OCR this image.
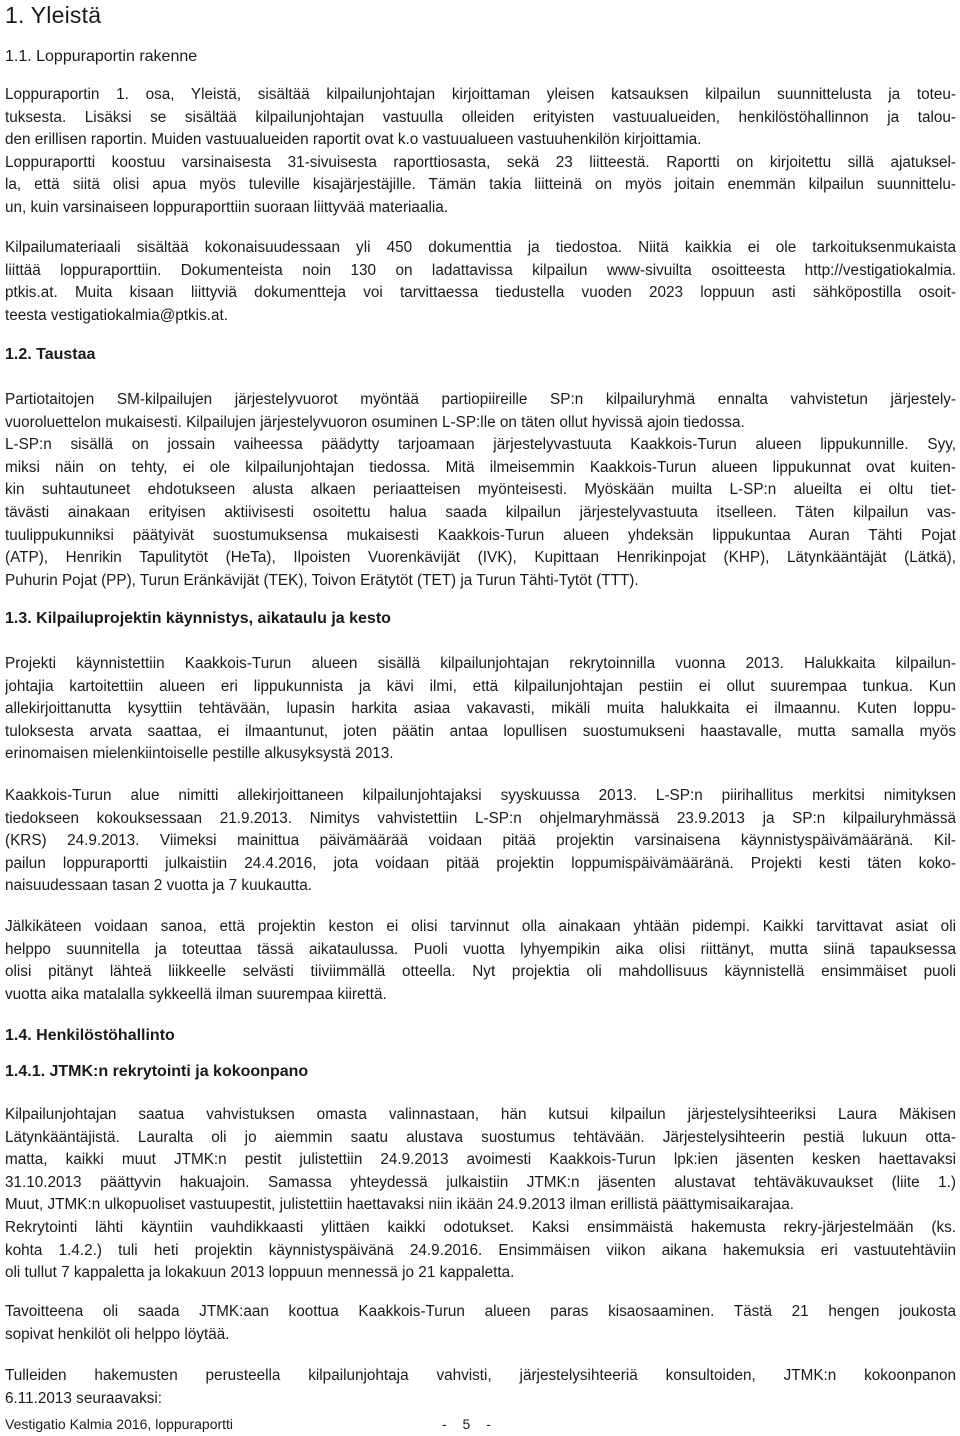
1. Yleistä
1.1. Loppuraportin rakenne
Loppuraportin 1. osa, Yleistä, sisältää kilpailunjohtajan kirjoittaman yleisen katsauksen kilpailun suunnittelusta ja toteu-
tuksesta. Lisäksi se sisältää kilpailunjohtajan vastuulla olleiden erityisten vastuualueiden, henkilöstöhallinnon ja talou-
den erillisen raportin. Muiden vastuualueiden raportit ovat k.o vastuualueen vastuuhenkilön kirjoittamia.
Loppuraportti koostuu varsinaisesta 31-sivuisesta raporttiosasta, sekä 23 liitteestä. Raportti on kirjoitettu sillä ajatuksel-
la, että siitä olisi apua myös tuleville kisajärjestäjille. Tämän takia liitteinä on myös joitain enemmän kilpailun suunnittelu-
un, kuin varsinaiseen loppuraporttiin suoraan liittyvää materiaalia.
Kilpailumateriaali sisältää kokonaisuudessaan yli 450 dokumenttia ja tiedostoa. Niitä kaikkia ei ole tarkoituksenmukaista
liittää loppuraporttiin. Dokumenteista noin 130 on ladattavissa kilpailun www-sivuilta osoitteesta http://vestigatiokalmia.
ptkis.at. Muita kisaan liittyviä dokumentteja voi tarvittaessa tiedustella vuoden 2023 loppuun asti sähköpostilla osoit-
teesta vestigatiokalmia@ptkis.at.
1.2. Taustaa
Partiotaitojen SM-kilpailujen järjestelyvuorot myöntää partiopiireille SP:n kilpailuryhmä ennalta vahvistetun järjestely-
vuoroluettelon mukaisesti. Kilpailujen järjestelyvuoron osuminen L-SP:lle on täten ollut hyvissä ajoin tiedossa.
L-SP:n sisällä on jossain vaiheessa päädytty tarjoamaan järjestelyvastuuta Kaakkois-Turun alueen lippukunnille. Syy,
miksi näin on tehty, ei ole kilpailunjohtajan tiedossa. Mitä ilmeisemmin Kaakkois-Turun alueen lippukunnat ovat kuiten-
kin suhtautuneet ehdotukseen alusta alkaen periaatteisen myönteisesti. Myöskään muilta L-SP:n alueilta ei oltu tiet-
tävästi ainakaan erityisen aktiivisesti osoitettu halua saada kilpailun järjestelyvastuuta itselleen. Täten kilpailun vas-
tuulippukunniksi päätyivät suostumuksensa mukaisesti Kaakkois-Turun alueen yhdeksän lippukuntaa Auran Tähti Pojat
(ATP), Henrikin Tapulitytöt (HeTa), Ilpoisten Vuorenkävijät (IVK), Kupittaan Henrikinpojat (KHP), Lätynkääntäjät (Lätkä),
Puhurin Pojat (PP), Turun Eränkävijät (TEK), Toivon Erätytöt (TET) ja Turun Tähti-Tytöt (TTT).
1.3. Kilpailuprojektin käynnistys, aikataulu ja kesto
Projekti käynnistettiin Kaakkois-Turun alueen sisällä kilpailunjohtajan rekrytoinnilla vuonna 2013. Halukkaita kilpailun-
johtajia kartoitettiin alueen eri lippukunnista ja kävi ilmi, että kilpailunjohtajan pestiin ei ollut suurempaa tunkua. Kun
allekirjoittanutta kysyttiin tehtävään, lupasin harkita asiaa vakavasti, mikäli muita halukkaita ei ilmaannu. Kuten loppu-
tuloksesta arvata saattaa, ei ilmaantunut, joten päätin antaa lopullisen suostumukseni haastavalle, mutta samalla myös
erinomaisen mielenkiintoiselle pestille alkusyksystä 2013.
Kaakkois-Turun alue nimitti allekirjoittaneen kilpailunjohtajaksi syyskuussa 2013. L-SP:n piirihallitus merkitsi nimityksen
tiedokseen kokouksessaan 21.9.2013. Nimitys vahvistettiin L-SP:n ohjelmaryhmässä 23.9.2013 ja SP:n kilpailuryhmässä
(KRS) 24.9.2013. Viimeksi mainittua päivämäärää voidaan pitää projektin varsinaisena käynnistyspäivämääränä. Kil-
pailun loppuraportti julkaistiin 24.4.2016, jota voidaan pitää projektin loppumispäivämääränä. Projekti kesti täten koko-
naisuudessaan tasan 2 vuotta ja 7 kuukautta.
Jälkikäteen voidaan sanoa, että projektin keston ei olisi tarvinnut olla ainakaan yhtään pidempi. Kaikki tarvittavat asiat oli
helppo suunnitella ja toteuttaa tässä aikataulussa. Puoli vuotta lyhyempikin aika olisi riittänyt, mutta siinä tapauksessa
olisi pitänyt lähteä liikkeelle selvästi tiiviimmällä otteella. Nyt projektia oli mahdollisuus käynnistellä ensimmäiset puoli
vuotta aika matalalla sykkeellä ilman suurempaa kiirettä.
1.4. Henkilöstöhallinto
1.4.1. JTMK:n rekrytointi ja kokoonpano
Kilpailunjohtajan saatua vahvistuksen omasta valinnastaan, hän kutsui kilpailun järjestelysihteeriksi Laura Mäkisen
Lätynkääntäjistä. Lauralta oli jo aiemmin saatu alustava suostumus tehtävään. Järjestelysihteerin pestiä lukuun otta-
matta, kaikki muut JTMK:n pestit julistettiin 24.9.2013 avoimesti Kaakkois-Turun lpk:ien jäsenten kesken haettavaksi
31.10.2013 päättyvin hakuajoin. Samassa yhteydessä julkaistiin JTMK:n jäsenten alustavat tehtäväkuvaukset (liite 1.)
Muut, JTMK:n ulkopuoliset vastuupestit, julistettiin haettavaksi niin ikään 24.9.2013 ilman erillistä päättymisaikarajaa.
Rekrytointi lähti käyntiin vauhdikkaasti ylittäen kaikki odotukset. Kaksi ensimmäistä hakemusta rekry-järjestelmään (ks.
kohta 1.4.2.) tuli heti projektin käynnistyspäivänä 24.9.2016. Ensimmäisen viikon aikana hakemuksia eri vastuutehtäviin
oli tullut 7 kappaletta ja lokakuun 2013 loppuun mennessä jo 21 kappaletta.
Tavoitteena oli saada JTMK:aan koottua Kaakkois-Turun alueen paras kisaosaaminen. Tästä 21 hengen joukosta
sopivat henkilöt oli helppo löytää.
Tulleiden hakemusten perusteella kilpailunjohtaja vahvisti, järjestelysihteeriä konsultoiden, JTMK:n kokoonpanon
6.11.2013 seuraavaksi:
Vestigatio Kalmia 2016, loppuraportti	- 5 -
